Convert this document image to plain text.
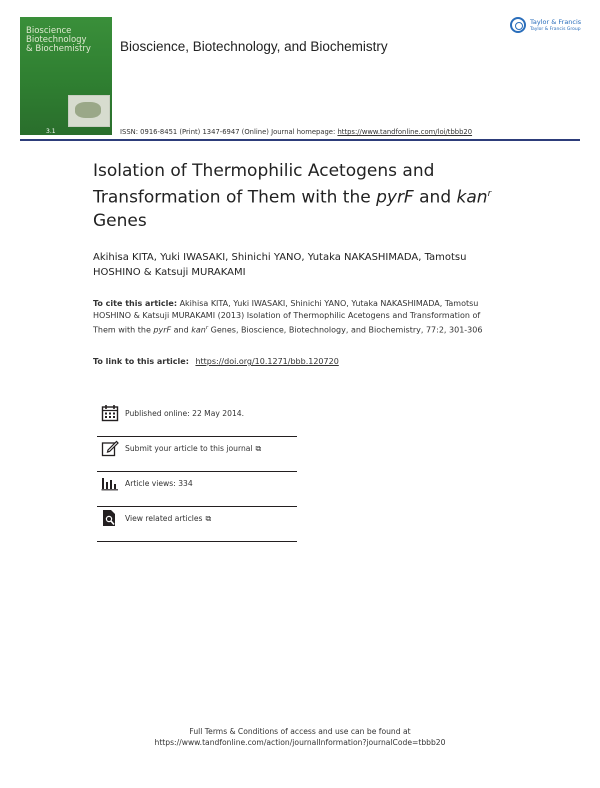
Bioscience
Biotechnology
& Biochemistry
3.1
Bioscience, Biotechnology, and Biochemistry
Taylor & Francis
Taylor & Francis Group
ISSN: 0916-8451 (Print) 1347-6947 (Online) Journal homepage: https://www.tandfonline.com/loi/tbbb20
Isolation of Thermophilic Acetogens and Transformation of Them with the pyrF and kan$^r$ Genes
Akihisa KITA, Yuki IWASAKI, Shinichi YANO, Yutaka NAKASHIMADA, Tamotsu HOSHINO & Katsuji MURAKAMI
To cite this article: Akihisa KITA, Yuki IWASAKI, Shinichi YANO, Yutaka NAKASHIMADA, Tamotsu HOSHINO & Katsuji MURAKAMI (2013) Isolation of Thermophilic Acetogens and Transformation of Them with the pyrF and kan$^r$ Genes, Bioscience, Biotechnology, and Biochemistry, 77:2, 301-306
To link to this article: https://doi.org/10.1271/bbb.120720
Published online: 22 May 2014.
Submit your article to this journal ⧉
Article views: 334
View related articles ⧉
Full Terms & Conditions of access and use can be found at
https://www.tandfonline.com/action/journalInformation?journalCode=tbbb20
